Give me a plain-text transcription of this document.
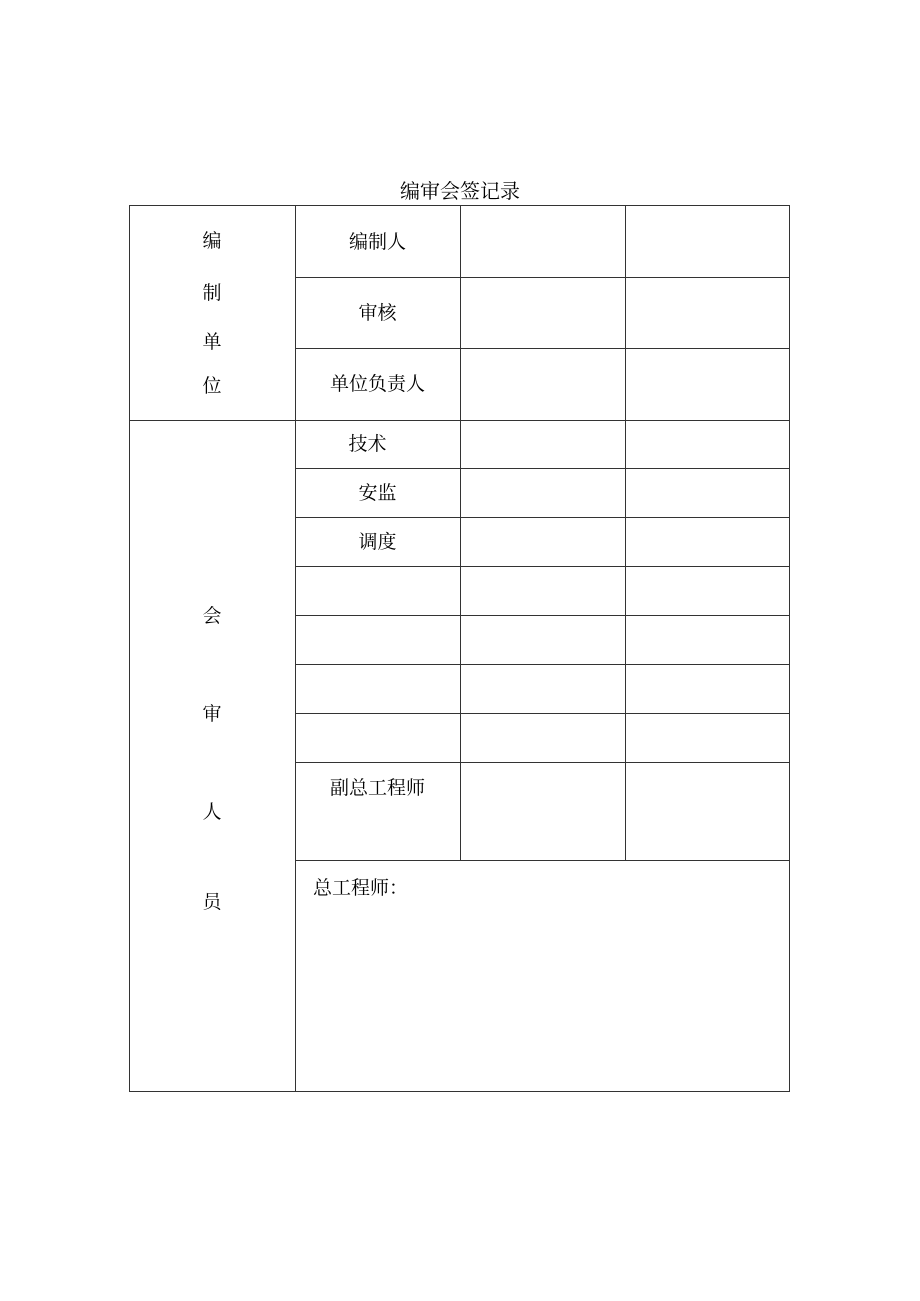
编审会签记录
编
制
单
位
会
审
人
员
编制人
审核
单位负责人
技术
安监
调度
副总工程师
总工程师：
